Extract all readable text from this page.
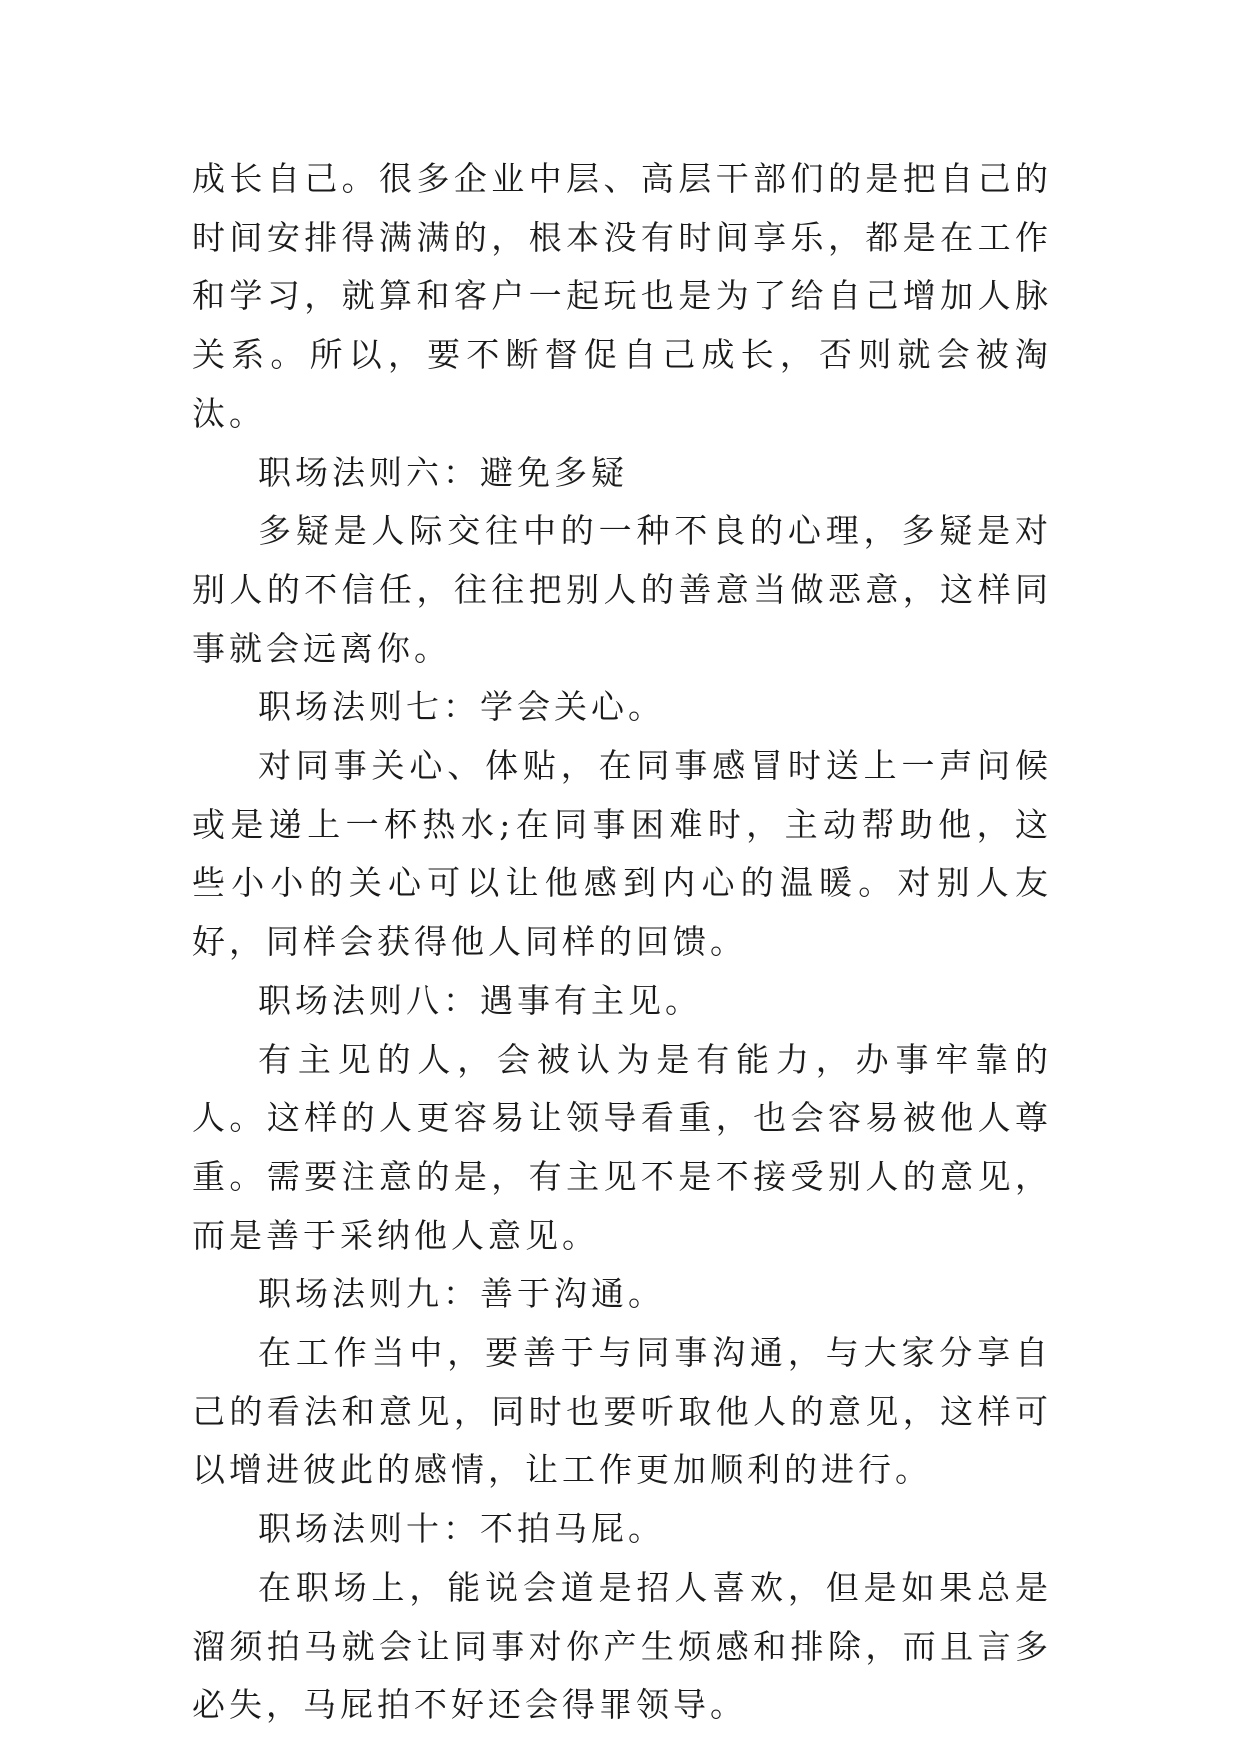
成长自己。很多企业中层、高层干部们的是把自己的时间安排得满满的，根本没有时间享乐，都是在工作和学习，就算和客户一起玩也是为了给自己增加人脉关系。所以，要不断督促自己成长，否则就会被淘汰。

职场法则六：避免多疑

多疑是人际交往中的一种不良的心理，多疑是对别人的不信任，往往把别人的善意当做恶意，这样同事就会远离你。

职场法则七：学会关心。

对同事关心、体贴，在同事感冒时送上一声问候或是递上一杯热水;在同事困难时，主动帮助他，这些小小的关心可以让他感到内心的温暖。对别人友好，同样会获得他人同样的回馈。

职场法则八：遇事有主见。

有主见的人，会被认为是有能力，办事牢靠的人。这样的人更容易让领导看重，也会容易被他人尊重。需要注意的是，有主见不是不接受别人的意见，而是善于采纳他人意见。

职场法则九：善于沟通。

在工作当中，要善于与同事沟通，与大家分享自己的看法和意见，同时也要听取他人的意见，这样可以增进彼此的感情，让工作更加顺利的进行。

职场法则十：不拍马屁。

在职场上，能说会道是招人喜欢，但是如果总是溜须拍马就会让同事对你产生烦感和排除，而且言多必失，马屁拍不好还会得罪领导。
